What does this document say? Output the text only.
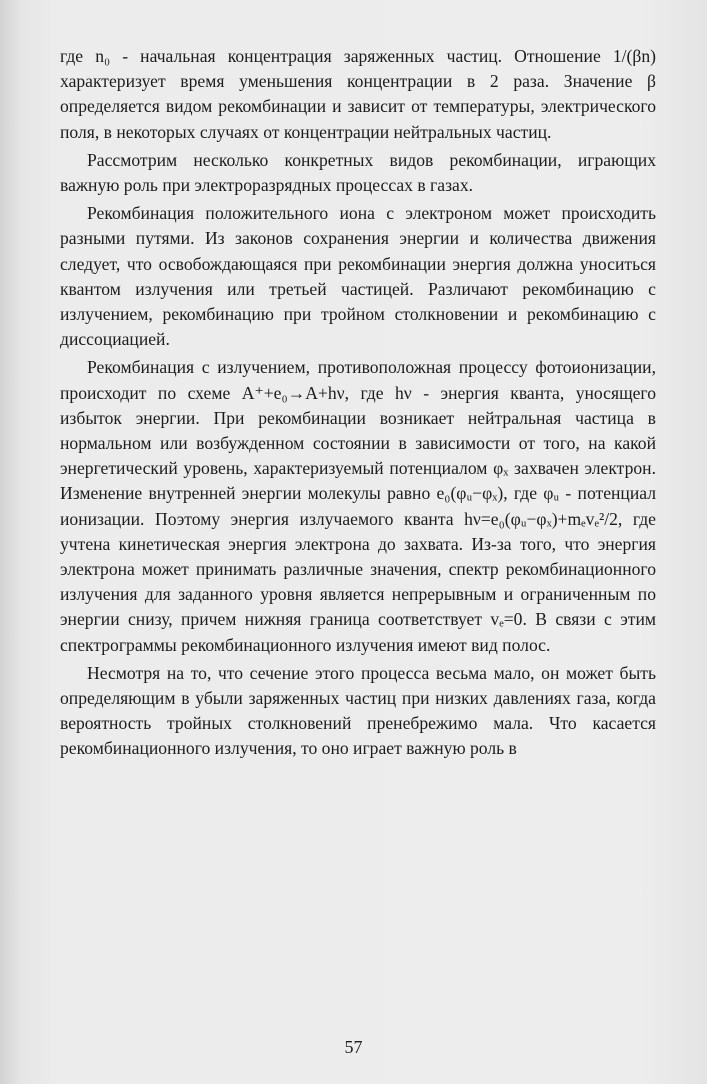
где n₀ - начальная концентрация заряженных частиц. Отношение 1/(βn) характеризует время уменьшения концентрации в 2 раза. Значение β определяется видом рекомбинации и зависит от температуры, электрического поля, в некоторых случаях от концентрации нейтральных частиц.

Рассмотрим несколько конкретных видов рекомбинации, играющих важную роль при электроразрядных процессах в газах.

Рекомбинация положительного иона с электроном может происходить разными путями. Из законов сохранения энергии и количества движения следует, что освобождающаяся при рекомбинации энергия должна уноситься квантом излучения или третьей частицей. Различают рекомбинацию с излучением, рекомбинацию при тройном столкновении и рекомбинацию с диссоциацией.

Рекомбинация с излучением, противоположная процессу фотоионизации, происходит по схеме A⁺+e₀→A+hν, где hν - энергия кванта, уносящего избыток энергии. При рекомбинации возникает нейтральная частица в нормальном или возбужденном состоянии в зависимости от того, на какой энергетический уровень, характеризуемый потенциалом φₓ захвачен электрон. Изменение внутренней энергии молекулы равно e₀(φᵤ−φₓ), где φᵤ - потенциал ионизации. Поэтому энергия излучаемого кванта hν=e₀(φᵤ−φₓ)+mₑvₑ²/2, где учтена кинетическая энергия электрона до захвата. Из-за того, что энергия электрона может принимать различные значения, спектр рекомбинационного излучения для заданного уровня является непрерывным и ограниченным по энергии снизу, причем нижняя граница соответствует vₑ=0. В связи с этим спектрограммы рекомбинационного излучения имеют вид полос.

Несмотря на то, что сечение этого процесса весьма мало, он может быть определяющим в убыли заряженных частиц при низких давлениях газа, когда вероятность тройных столкновений пренебрежимо мала. Что касается рекомбинационного излучения, то оно играет важную роль в

57
